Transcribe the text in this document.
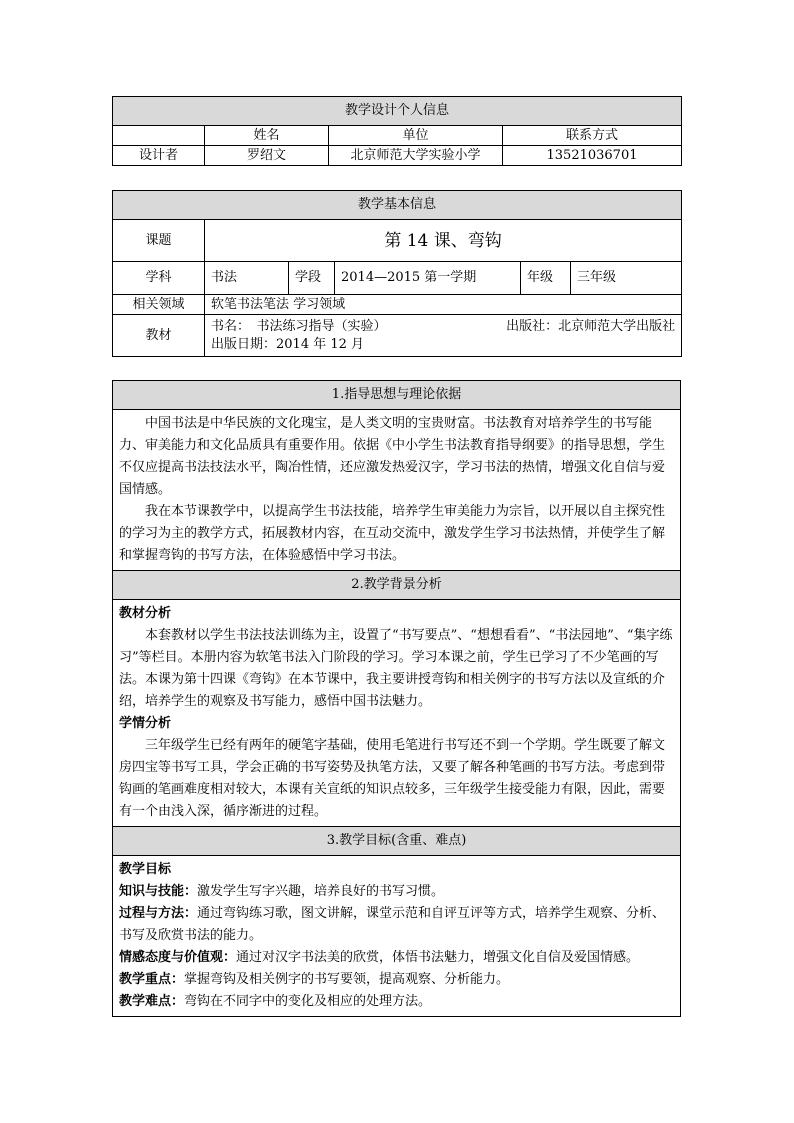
教学设计个人信息			
	姓名	单位	联系方式
设计者	罗绍文	北京师范大学实验小学	13521036701
教学基本信息					
课题	第 14 课、弯钩				
学科	书法	学段	2014—2015 第一学期	年级	三年级
相关领域	软笔书法笔法 学习领域				
教材	书名：　书法练习指导（实验） 出版社：北京师范大学出版社

出版日期：2014 年 12 月				

1.指导思想与理论依据

中国书法是中华民族的文化瑰宝，是人类文明的宝贵财富。书法教育对培养学生的书写能力、审美能力和文化品质具有重要作用。依据《中小学生书法教育指导纲要》的指导思想，学生不仅应提高书法技法水平，陶冶性情，还应激发热爱汉字，学习书法的热情，增强文化自信与爱国情感。

我在本节课教学中，以提高学生书法技能，培养学生审美能力为宗旨，以开展以自主探究性的学习为主的教学方式，拓展教材内容，在互动交流中，激发学生学习书法热情，并使学生了解和掌握弯钩的书写方法，在体验感悟中学习书法。

2.教学背景分析

教材分析

本套教材以学生书法技法训练为主，设置了“书写要点”、“想想看看”、“书法园地”、“集字练习”等栏目。本册内容为软笔书法入门阶段的学习。学习本课之前，学生已学习了不少笔画的写法。本课为第十四课《弯钩》在本节课中，我主要讲授弯钩和相关例字的书写方法以及宣纸的介绍，培养学生的观察及书写能力，感悟中国书法魅力。

学情分析

三年级学生已经有两年的硬笔字基础，使用毛笔进行书写还不到一个学期。学生既要了解文房四宝等书写工具，学会正确的书写姿势及执笔方法，又要了解各种笔画的书写方法。考虑到带钩画的笔画难度相对较大，本课有关宣纸的知识点较多，三年级学生接受能力有限，因此，需要有一个由浅入深，循序渐进的过程。

3.教学目标(含重、难点)

教学目标

知识与技能：激发学生写字兴趣，培养良好的书写习惯。

过程与方法：通过弯钩练习歌，图文讲解，课堂示范和自评互评等方式，培养学生观察、分析、书写及欣赏书法的能力。

情感态度与价值观：通过对汉字书法美的欣赏，体悟书法魅力，增强文化自信及爱国情感。

教学重点：掌握弯钩及相关例字的书写要领，提高观察、分析能力。

教学难点：弯钩在不同字中的变化及相应的处理方法。
